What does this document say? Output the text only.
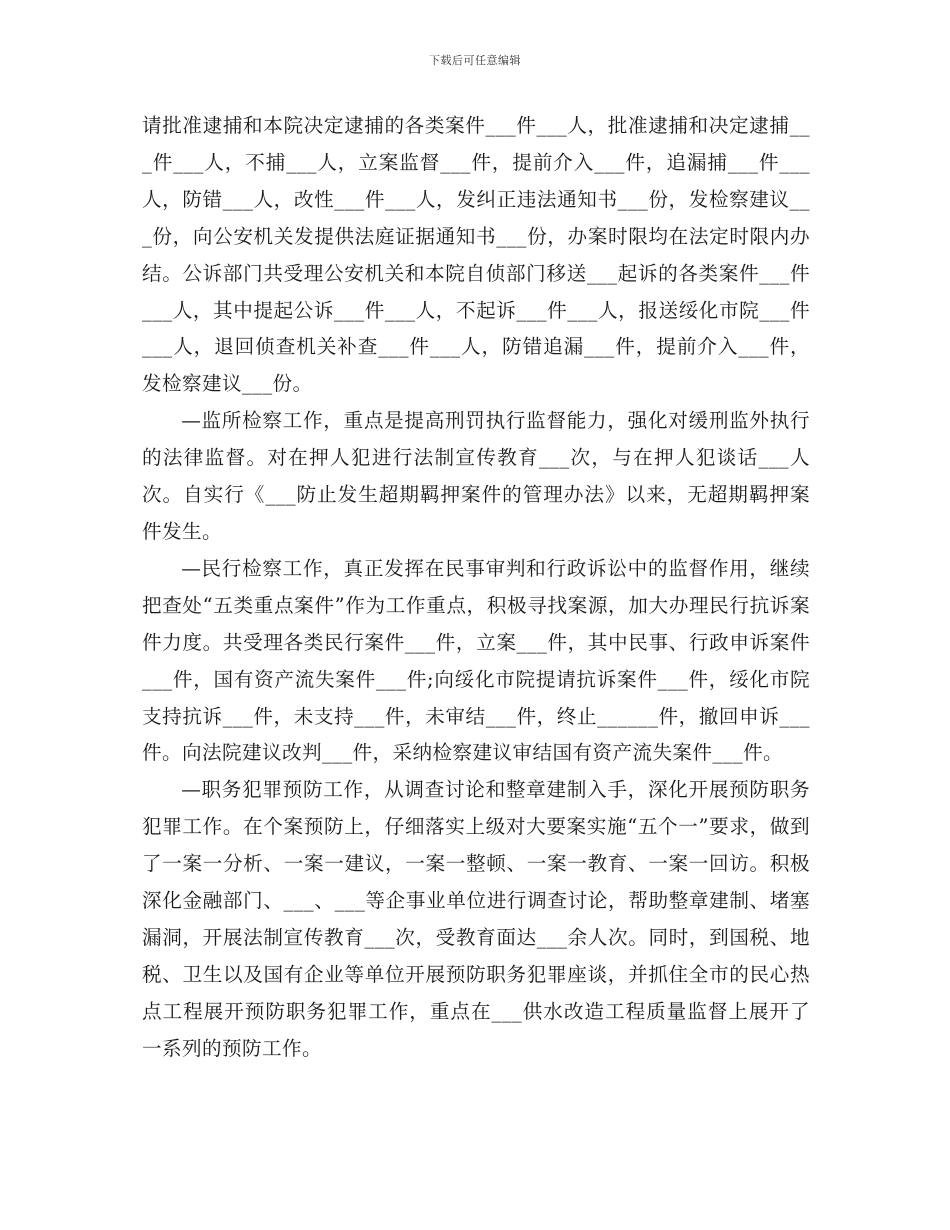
下载后可任意编辑

请批准逮捕和本院决定逮捕的各类案件___件___人，批准逮捕和决定逮捕___件___人，不捕___人，立案监督___件，提前介入___件，追漏捕___件___人，防错___人，改性___件___人，发纠正违法通知书___份，发检察建议___份，向公安机关发提供法庭证据通知书___份，办案时限均在法定时限内办结。公诉部门共受理公安机关和本院自侦部门移送___起诉的各类案件___件___人，其中提起公诉___件___人，不起诉___件___人，报送绥化市院___件___人，退回侦查机关补查___件___人，防错追漏___件，提前介入___件，发检察建议___份。

—监所检察工作，重点是提高刑罚执行监督能力，强化对缓刑监外执行的法律监督。对在押人犯进行法制宣传教育___次，与在押人犯谈话___人次。自实行《___防止发生超期羁押案件的管理办法》以来，无超期羁押案件发生。

—民行检察工作，真正发挥在民事审判和行政诉讼中的监督作用，继续把查处“五类重点案件”作为工作重点，积极寻找案源，加大办理民行抗诉案件力度。共受理各类民行案件___件，立案___件，其中民事、行政申诉案件___件，国有资产流失案件___件;向绥化市院提请抗诉案件___件，绥化市院支持抗诉___件，未支持___件，未审结___件，终止______件，撤回申诉___件。向法院建议改判___件，采纳检察建议审结国有资产流失案件___件。

—职务犯罪预防工作，从调查讨论和整章建制入手，深化开展预防职务犯罪工作。在个案预防上，仔细落实上级对大要案实施“五个一”要求，做到了一案一分析、一案一建议，一案一整顿、一案一教育、一案一回访。积极深化金融部门、___、___等企事业单位进行调查讨论，帮助整章建制、堵塞漏洞，开展法制宣传教育___次，受教育面达___余人次。同时，到国税、地税、卫生以及国有企业等单位开展预防职务犯罪座谈，并抓住全市的民心热点工程展开预防职务犯罪工作，重点在___供水改造工程质量监督上展开了一系列的预防工作。
